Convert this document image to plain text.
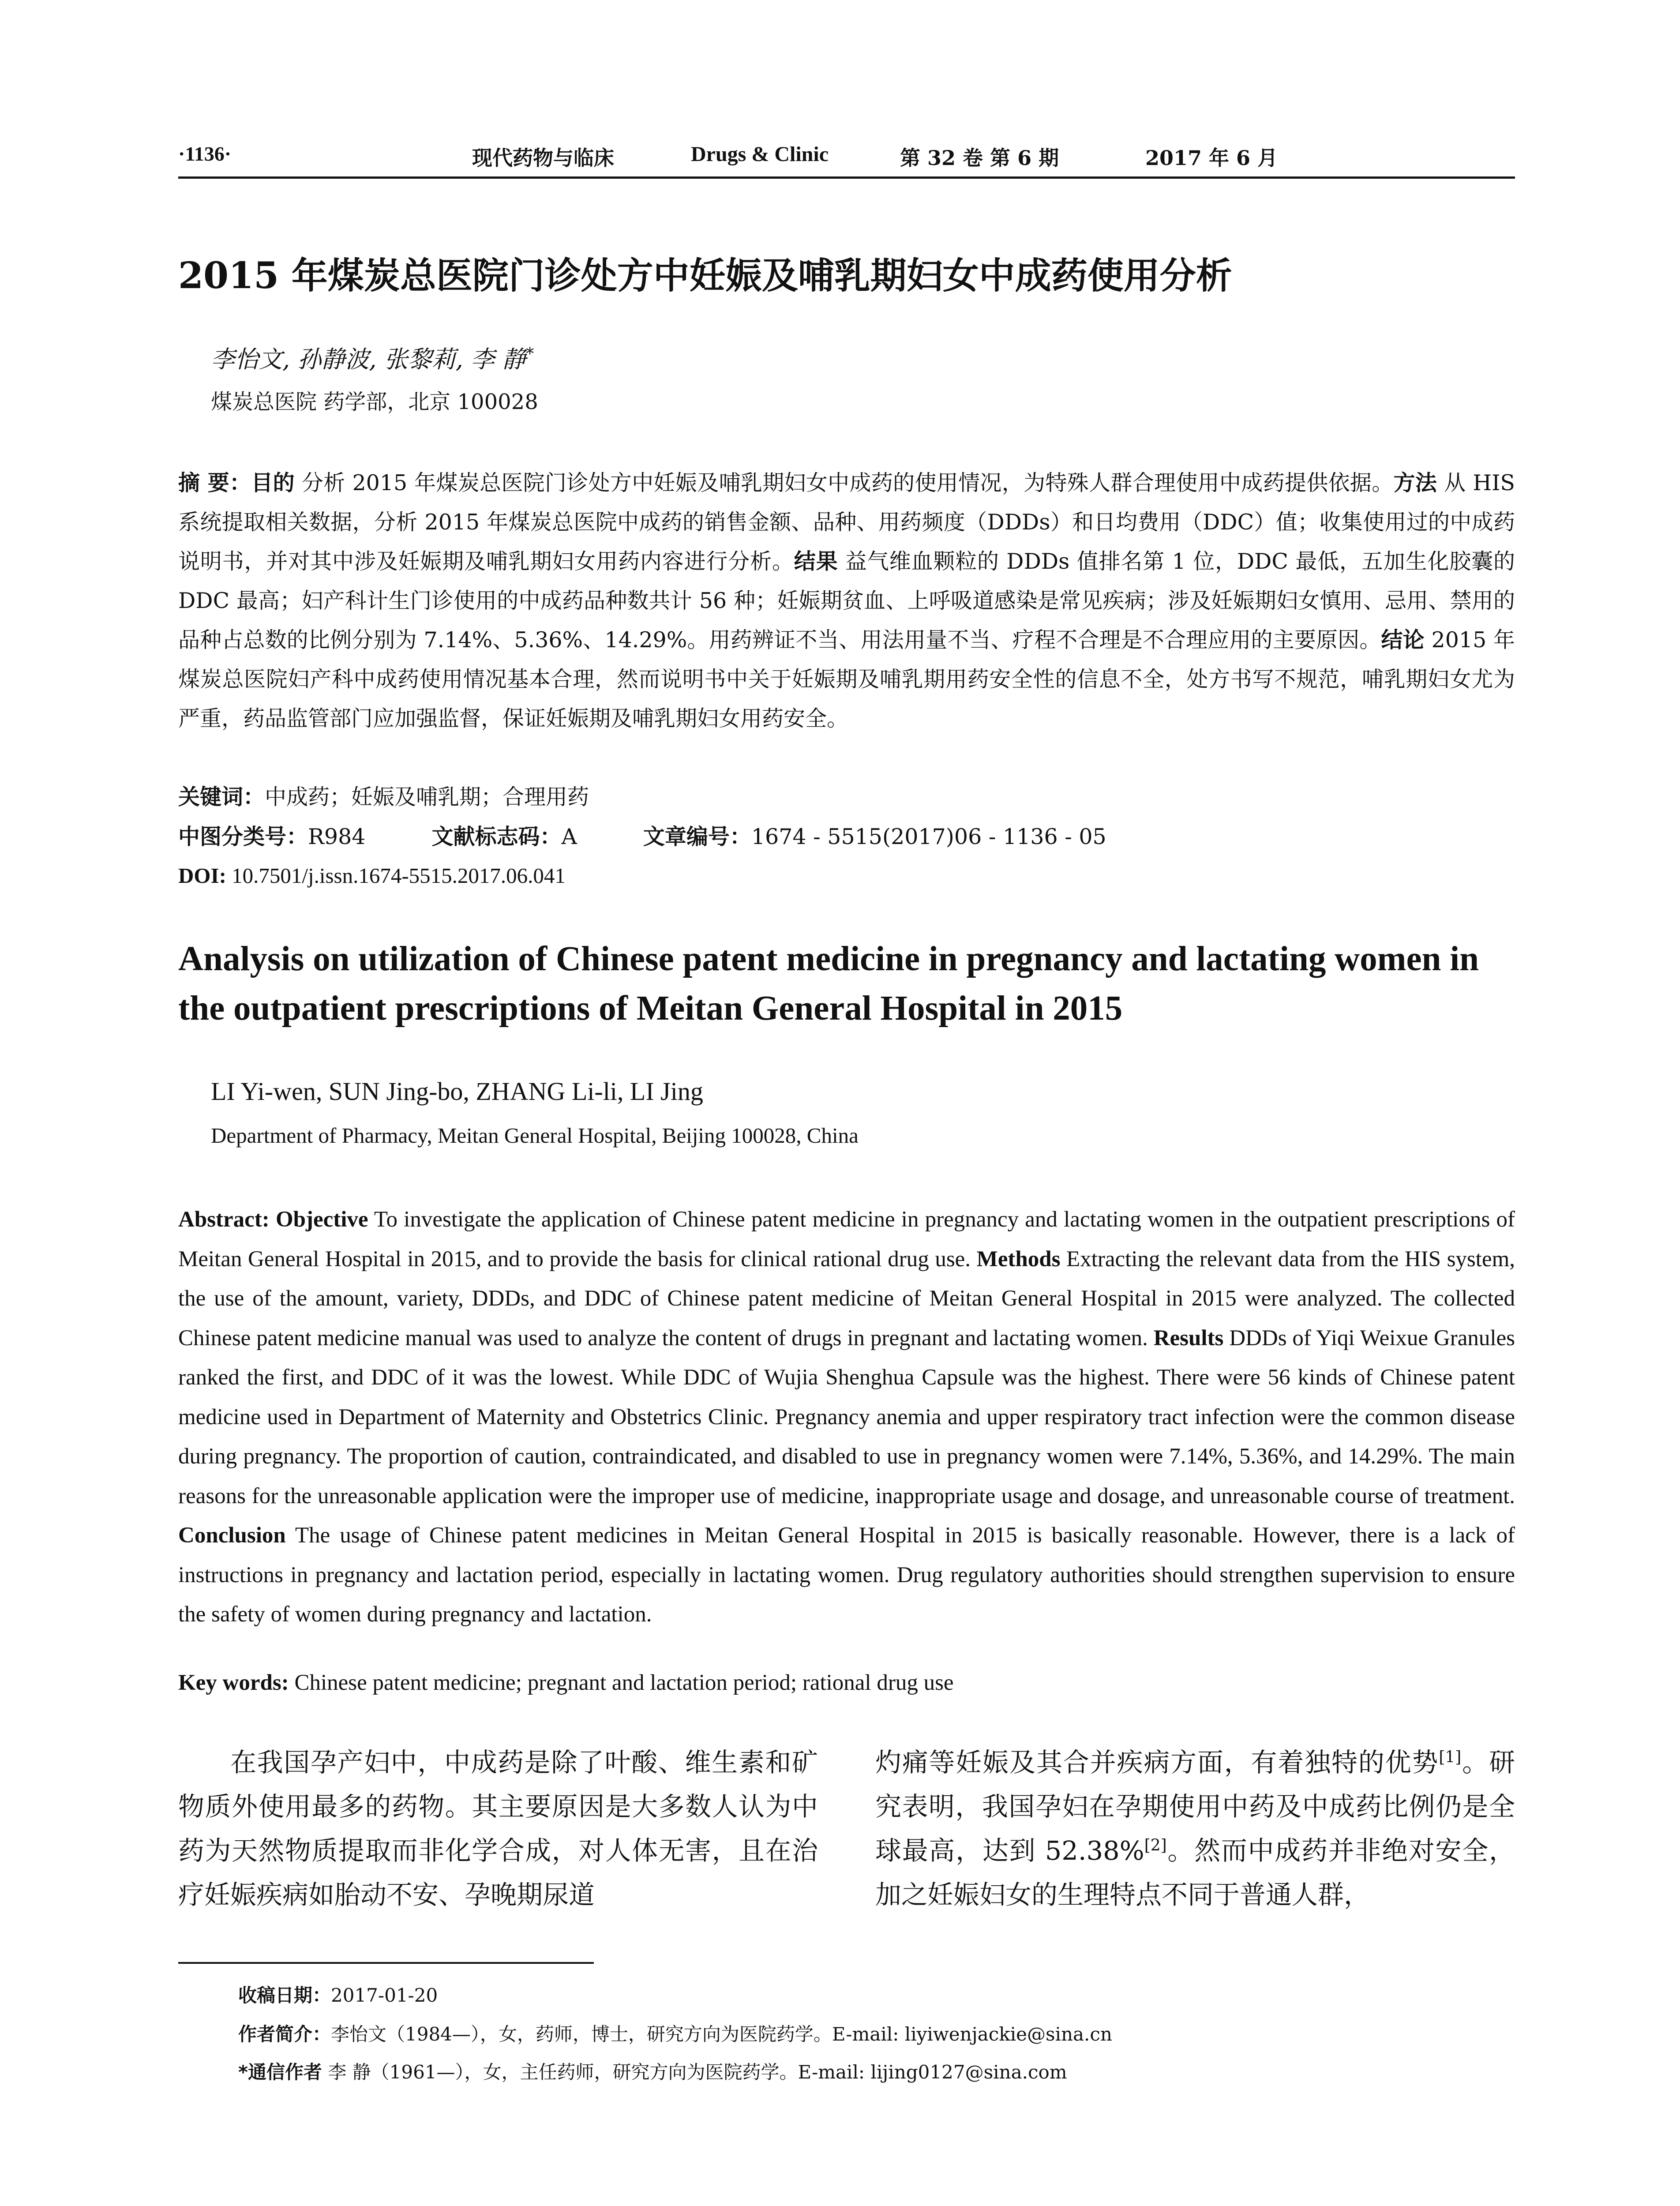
·1136·	现代药物与临床	Drugs & Clinic	第 32 卷 第 6 期	2017 年 6 月
2015 年煤炭总医院门诊处方中妊娠及哺乳期妇女中成药使用分析
李怡文, 孙静波, 张黎莉, 李 静*
煤炭总医院 药学部，北京 100028
摘 要：目的 分析 2015 年煤炭总医院门诊处方中妊娠及哺乳期妇女中成药的使用情况，为特殊人群合理使用中成药提供依据。方法 从 HIS 系统提取相关数据，分析 2015 年煤炭总医院中成药的销售金额、品种、用药频度（DDDs）和日均费用（DDC）值；收集使用过的中成药说明书，并对其中涉及妊娠期及哺乳期妇女用药内容进行分析。结果 益气维血颗粒的 DDDs 值排名第 1 位，DDC 最低，五加生化胶囊的 DDC 最高；妇产科计生门诊使用的中成药品种数共计 56 种；妊娠期贫血、上呼吸道感染是常见疾病；涉及妊娠期妇女慎用、忌用、禁用的品种占总数的比例分别为 7.14%、5.36%、14.29%。用药辨证不当、用法用量不当、疗程不合理是不合理应用的主要原因。结论 2015 年煤炭总医院妇产科中成药使用情况基本合理，然而说明书中关于妊娠期及哺乳期用药安全性的信息不全，处方书写不规范，哺乳期妇女尤为严重，药品监管部门应加强监督，保证妊娠期及哺乳期妇女用药安全。
关键词：中成药；妊娠及哺乳期；合理用药
中图分类号：R984	文献标志码：A	文章编号：1674 - 5515(2017)06 - 1136 - 05
DOI: 10.7501/j.issn.1674-5515.2017.06.041
Analysis on utilization of Chinese patent medicine in pregnancy and lactating women in the outpatient prescriptions of Meitan General Hospital in 2015
LI Yi-wen, SUN Jing-bo, ZHANG Li-li, LI Jing
Department of Pharmacy, Meitan General Hospital, Beijing 100028, China
Abstract: Objective To investigate the application of Chinese patent medicine in pregnancy and lactating women in the outpatient prescriptions of Meitan General Hospital in 2015, and to provide the basis for clinical rational drug use. Methods Extracting the relevant data from the HIS system, the use of the amount, variety, DDDs, and DDC of Chinese patent medicine of Meitan General Hospital in 2015 were analyzed. The collected Chinese patent medicine manual was used to analyze the content of drugs in pregnant and lactating women. Results DDDs of Yiqi Weixue Granules ranked the first, and DDC of it was the lowest. While DDC of Wujia Shenghua Capsule was the highest. There were 56 kinds of Chinese patent medicine used in Department of Maternity and Obstetrics Clinic. Pregnancy anemia and upper respiratory tract infection were the common disease during pregnancy. The proportion of caution, contraindicated, and disabled to use in pregnancy women were 7.14%, 5.36%, and 14.29%. The main reasons for the unreasonable application were the improper use of medicine, inappropriate usage and dosage, and unreasonable course of treatment. Conclusion The usage of Chinese patent medicines in Meitan General Hospital in 2015 is basically reasonable. However, there is a lack of instructions in pregnancy and lactation period, especially in lactating women. Drug regulatory authorities should strengthen supervision to ensure the safety of women during pregnancy and lactation.
Key words: Chinese patent medicine; pregnant and lactation period; rational drug use
在我国孕产妇中，中成药是除了叶酸、维生素和矿物质外使用最多的药物。其主要原因是大多数人认为中药为天然物质提取而非化学合成，对人体无害，且在治疗妊娠疾病如胎动不安、孕晚期尿道
灼痛等妊娠及其合并疾病方面，有着独特的优势[1]。研究表明，我国孕妇在孕期使用中药及中成药比例仍是全球最高，达到 52.38%[2]。然而中成药并非绝对安全，加之妊娠妇女的生理特点不同于普通人群，
收稿日期：2017-01-20
作者简介：李怡文（1984—），女，药师，博士，研究方向为医院药学。E-mail: liyiwenjackie@sina.cn
*通信作者 李 静（1961—），女，主任药师，研究方向为医院药学。E-mail: lijing0127@sina.com
